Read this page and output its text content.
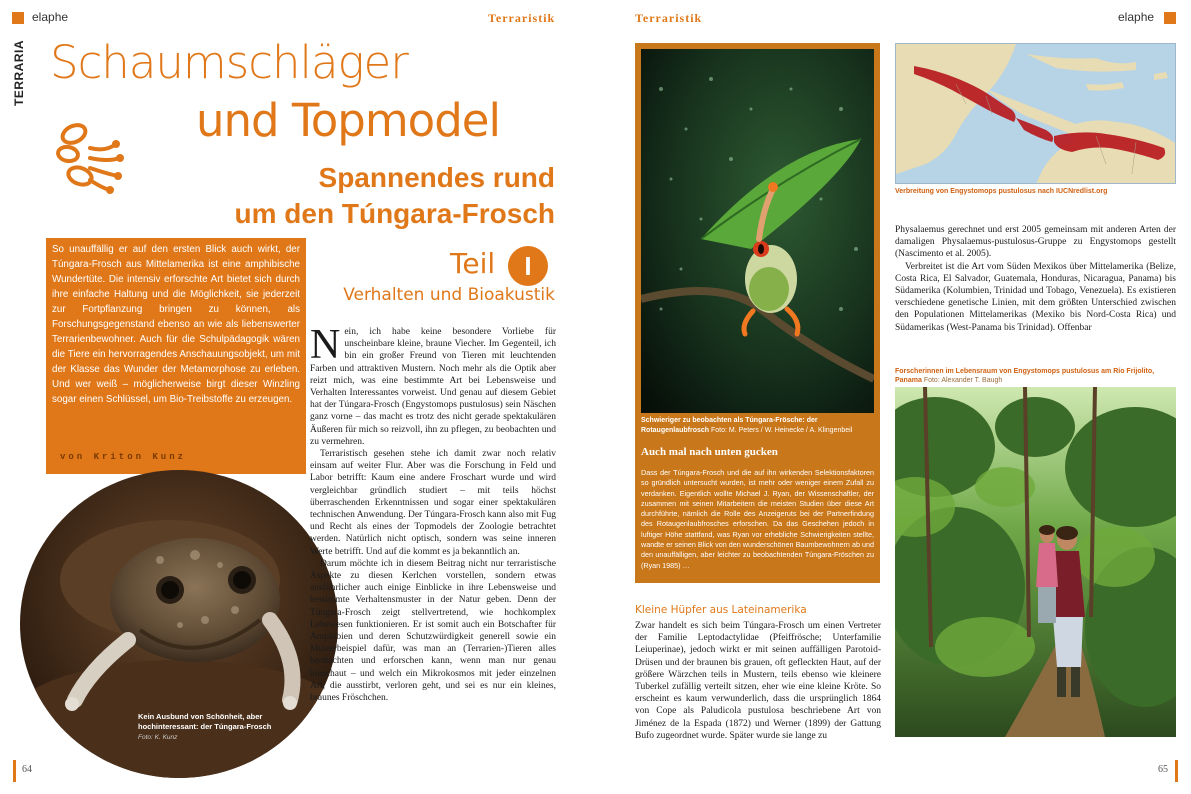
elaphe	Terraristik	Terraristik	elaphe
TERRARIA Schaumschläger
und Topmodel
Spannendes rund
um den Túngara-Frosch
So unauffällig er auf den ersten Blick auch wirkt, der Túngara-Frosch aus Mittelamerika ist eine amphibische Wundertüte. Die intensiv erforschte Art bietet sich durch ihre einfache Haltung und die Möglichkeit, sie jederzeit zur Fortpflanzung bringen zu können, als Forschungsgegenstand ebenso an wie als liebenswerter Terrarienbewohner. Auch für die Schulpädagogik wären die Tiere ein hervorragendes Anschauungsobjekt, um mit der Klasse das Wunder der Metamorphose zu erleben. Und wer weiß – möglicherweise birgt dieser Winzling sogar einen Schlüssel, um Bio-Treibstoffe zu erzeugen.
von Kriton Kunz
Teil	I
Verhalten und Bioakustik
Kein Ausbund von Schönheit, aber hochinteressant: der Túngara-Frosch
Foto: K. Kunz

Nein, ich habe keine besondere Vorliebe für unscheinbare kleine, braune Viecher. Im Gegenteil, ich bin ein großer Freund von Tieren mit leuchtenden Farben und attraktiven Mustern. Noch mehr als die Optik aber reizt mich, was eine bestimmte Art bei Lebensweise und Verhalten Interessantes vorweist. Und genau auf diesem Gebiet hat der Túngara-Frosch (Engystomops pustulosus) sein Näschen ganz vorne – das macht es trotz des nicht gerade spektakulären Äußeren für mich so reizvoll, ihn zu pflegen, zu beobachten und zu vermehren.

Terraristisch gesehen stehe ich damit zwar noch relativ einsam auf weiter Flur. Aber was die Forschung in Feld und Labor betrifft: Kaum eine andere Froschart wurde und wird vergleichbar gründlich studiert – mit teils höchst überraschenden Erkenntnissen und sogar einer spektakulären technischen Anwendung. Der Túngara-Frosch kann also mit Fug und Recht als eines der Topmodels der Zoologie betrachtet werden. Natürlich nicht optisch, sondern was seine inneren Werte betrifft. Und auf die kommt es ja bekanntlich an.

Darum möchte ich in diesem Beitrag nicht nur terraristische Aspekte zu diesen Kerlchen vorstellen, sondern etwas ausführlicher auch einige Einblicke in ihre Lebensweise und bestimmte Verhaltensmuster in der Natur geben. Denn der Túngara-Frosch zeigt stellvertretend, wie hochkomplex Lebewesen funktionieren. Er ist somit auch ein Botschafter für Amphibien und deren Schutzwürdigkeit generell sowie ein Musterbeispiel dafür, was man an (Terrarien-)Tieren alles beobachten und erforschen kann, wenn man nur genau hinschaut – und welch ein Mikrokosmos mit jeder einzelnen Art, die ausstirbt, verloren geht, und sei es nur ein kleines, braunes Fröschchen.

Schwieriger zu beobachten als Túngara-Frösche: der Rotaugenlaubfrosch Foto: M. Peters / W. Heinecke / A. Klingenbeil
Auch mal nach unten gucken
Dass der Túngara-Frosch und die auf ihn wirkenden Selektionsfaktoren so gründlich untersucht wurden, ist mehr oder weniger einem Zufall zu verdanken. Eigentlich wollte Michael J. Ryan, der Wissenschaftler, der zusammen mit seinen Mitarbeitern die meisten Studien über diese Art durchführte, nämlich die Rolle des Anzeigeruts bei der Partnerfindung des Rotaugenlaubfrosches erforschen. Da das Geschehen jedoch in luftiger Höhe stattfand, was Ryan vor erhebliche Schwierigkeiten stellte, wandte er seinen Blick von den wunderschönen Baumbewohnern ab und den unauffälligen, aber leichter zu beobachtenden Túngara-Fröschen zu (Ryan 1985) …
Verbreitung von Engystomops pustulosus nach IUCNredlist.org

Physalaemus gerechnet und erst 2005 gemeinsam mit anderen Arten der damaligen Physalaemus-pustulosus-Gruppe zu Engystomops gestellt (Nascimento et al. 2005).

Verbreitet ist die Art vom Süden Mexikos über Mittelamerika (Belize, Costa Rica, El Salvador, Guatemala, Honduras, Nicaragua, Panama) bis Südamerika (Kolumbien, Trinidad und Tobago, Venezuela). Es existieren verschiedene genetische Linien, mit dem größten Unterschied zwischen den Populationen Mittelamerikas (Mexiko bis Nord-Costa Rica) und Südamerikas (West-Panama bis Trinidad). Offenbar

Forscherinnen im Lebensraum von Engystomops pustulosus am Río Frijolito, Panama Foto: Alexander T. Baugh
Kleine Hüpfer aus Lateinamerika

Zwar handelt es sich beim Túngara-Frosch um einen Vertreter der Familie Leptodactylidae (Pfeiffrösche; Unterfamilie Leiuperinae), jedoch wirkt er mit seinen auffälligen Parotoid-Drüsen und der braunen bis grauen, oft gefleckten Haut, auf der größere Wärzchen teils in Mustern, teils ebenso wie kleinere Tuberkel zufällig verteilt sitzen, eher wie eine kleine Kröte. So erscheint es kaum verwunderlich, dass die ursprünglich 1864 von Cope als Paludicola pustulosa beschriebene Art von Jiménez de la Espada (1872) und Werner (1899) der Gattung Bufo zugeordnet wurde. Später wurde sie lange zu

64	65
